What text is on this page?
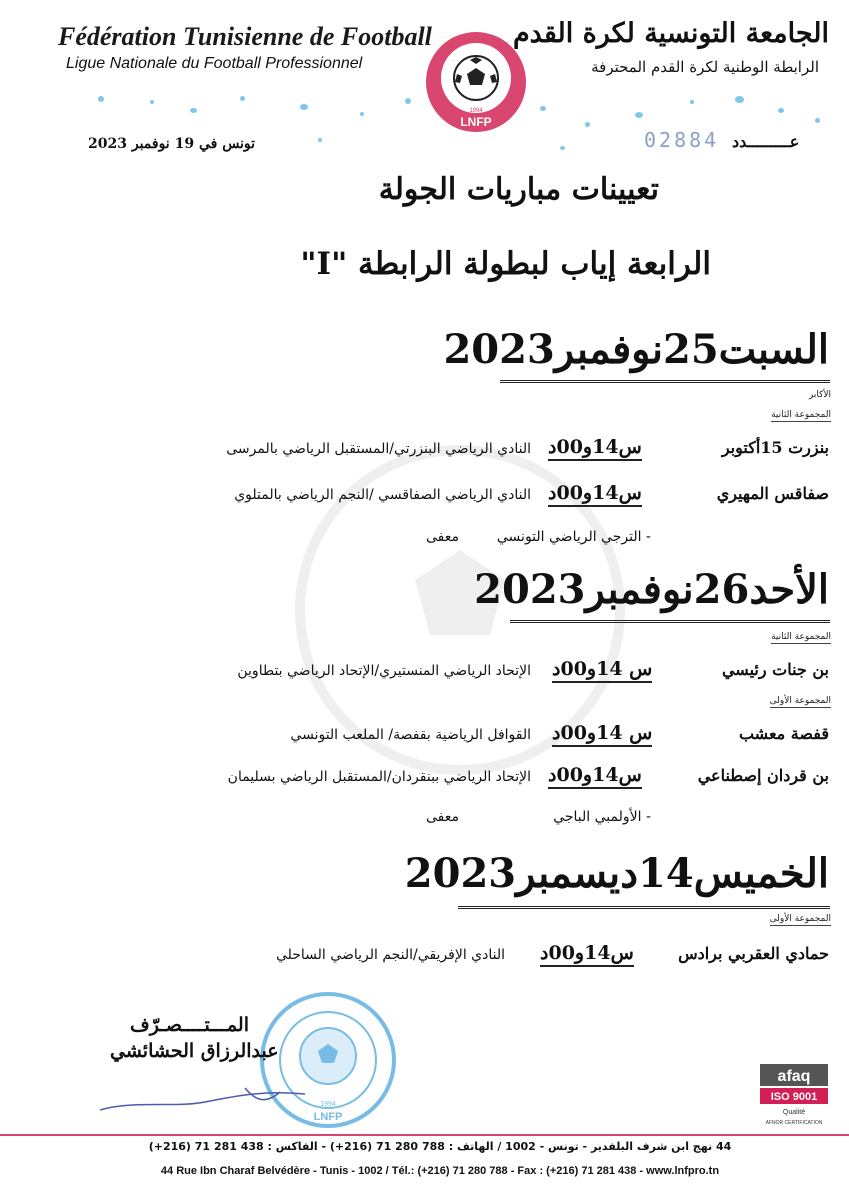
Fédération Tunisienne de Football
Ligue Nationale du Football Professionnel
الجامعة التونسية لكرة القدم
الرابطة الوطنية لكرة القدم المحترفة
LNFP
1994
تونس في 19 نوفمبر 2023	02884 عـــــــــدد
تعيينات مباريات الجولة
الرابعة إياب لبطولة الرابطة "I"
السبت25نوفمبر2023
الأكابر
المجموعة الثانية
بنزرت 15أكتوبر
س14و00د
النادي الرياضي البنزرتي/المستقبل الرياضي بالمرسى
صفاقس المهيري
س14و00د
النادي الرياضي الصفاقسي /النجم الرياضي بالمتلوي
- الترجي الرياضي التونسي
معفى
الأحد26نوفمبر2023
المجموعة الثانية
بن جنات رئيسي
س 14و00د
الإتحاد الرياضي المنستيري/الإتحاد الرياضي بتطاوين
المجموعة الأولى
قفصة معشب
س 14و00د
القوافل الرياضية بقفصة/ الملعب التونسي
بن قردان إصطناعي
س14و00د
الإتحاد الرياضي ببنقردان/المستقبل الرياضي بسليمان
- الأولمبي الباجي
معفى
الخميس14ديسمبر2023
المجموعة الأولى
حمادي العقربي برادس
س14و00د
النادي الإفريقي/النجم الرياضي الساحلي
1994
LNFP
المـــتــــصـرّف
عبدالرزاق الحشائشي
afaq
ISO 9001
Qualité
AFNOR CERTIFICATION
44 نهج ابن شرف البلفدير - تونس - 1002 / الهاتف : 788 280 71 (216+) - الفاكس : 438 281 71 (216+)
44 Rue Ibn Charaf Belvédère - Tunis - 1002 / Tél.: (+216) 71 280 788 - Fax : (+216) 71 281 438 - www.lnfpro.tn
